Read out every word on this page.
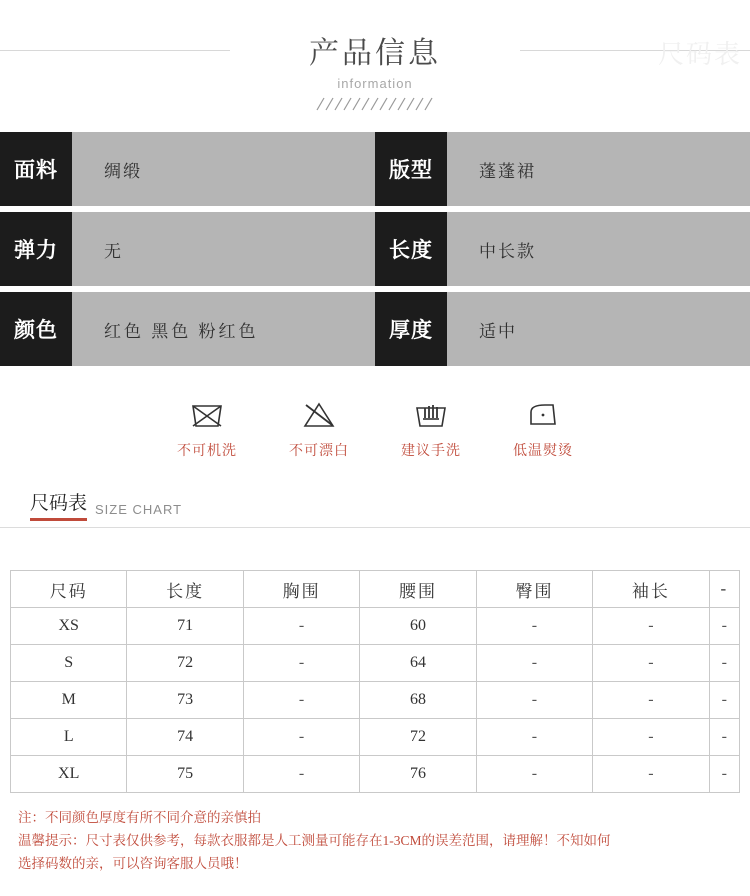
尺码表
产品信息
information
面料	绸缎	版型	蓬蓬裙
弹力	无	长度	中长款
颜色	红色 黑色 粉红色	厚度	适中
不可机洗	不可漂白	建议手洗	低温熨烫
尺码表 SIZE CHART
尺码	长度	胸围	腰围	臀围	袖长	-
XS	71	-	60	-	-	-
S	72	-	64	-	-	-
M	73	-	68	-	-	-
L	74	-	72	-	-	-
XL	75	-	76	-	-	-

注：不同颜色厚度有所不同介意的亲慎拍

温馨提示：尺寸表仅供参考，每款衣服都是人工测量可能存在1-3CM的误差范围，请理解！不知如何

选择码数的亲，可以咨询客服人员哦！
